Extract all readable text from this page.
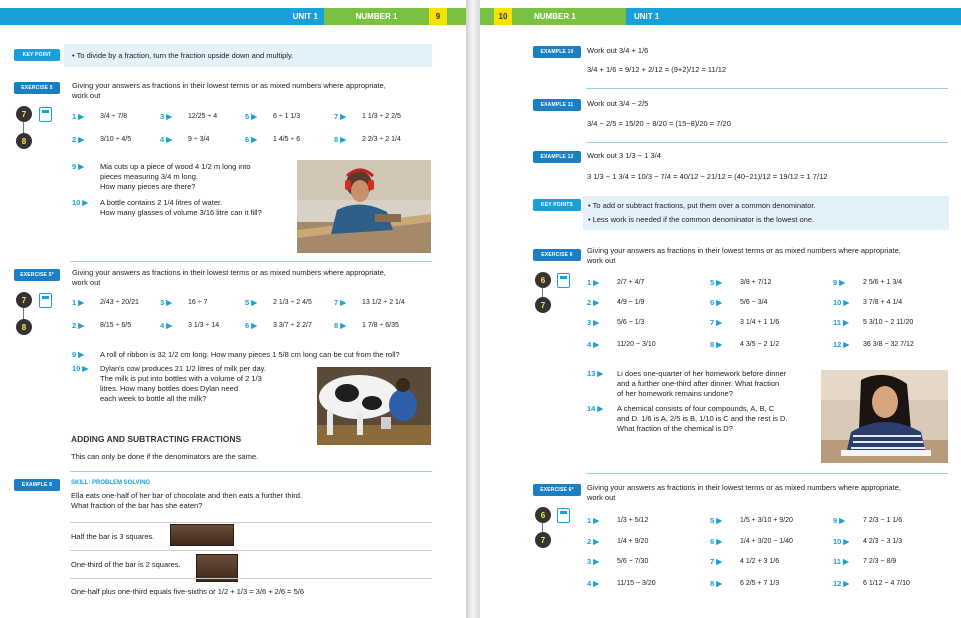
UNIT 1	NUMBER 1	9
KEY POINT	• To divide by a fraction, turn the fraction upside down and multiply.
EXERCISE 5	Giving your answers as fractions in their lowest terms or as mixed numbers where appropriate, work out
7
8
1 ▶ 3/4 ÷ 7/8	3 ▶ 12/25 ÷ 4	5 ▶ 6 ÷ 1 1/3	7 ▶ 1 1/3 ÷ 2 2/5
2 ▶ 3/10 ÷ 4/5	4 ▶ 9 ÷ 3/4	6 ▶ 1 4/5 ÷ 6	8 ▶ 2 2/3 ÷ 2 1/4
9 ▶ Mia cuts up a piece of wood 4 1/2 m long into
pieces measuring 3/4 m long.
How many pieces are there?
10 ▶ A bottle contains 2 1/4 litres of water.
How many glasses of volume 3/16 litre can it fill?
EXERCISE 5*	Giving your answers as fractions in their lowest terms or as mixed numbers where appropriate, work out
7
8
1 ▶ 2/43 ÷ 20/21	3 ▶ 16 ÷ 7	5 ▶ 2 1/3 ÷ 2 4/5	7 ▶ 13 1/2 ÷ 2 1/4
2 ▶ 8/15 ÷ 6/5	4 ▶ 3 1/3 ÷ 14	6 ▶ 3 3/7 ÷ 2 2/7	8 ▶ 1 7/8 ÷ 6/35
9 ▶ A roll of ribbon is 32 1/2 cm long. How many pieces 1 5/8 cm long can be cut from the roll?
10 ▶ Dylan's cow produces 21 1/2 litres of milk per day.
The milk is put into bottles with a volume of 2 1/3
litres. How many bottles does Dylan need
each week to bottle all the milk?
ADDING AND SUBTRACTING FRACTIONS
This can only be done if the denominators are the same.
EXAMPLE 9	SKILL: PROBLEM SOLVING
Ella eats one-half of her bar of chocolate and then eats a further third.
What fraction of the bar has she eaten?
Half the bar is 3 squares.
One-third of the bar is 2 squares.
One-half plus one-third equals five-sixths or 1/2 + 1/3 = 3/6 + 2/6 = 5/6
10	NUMBER 1	UNIT 1
EXAMPLE 10	Work out 3/4 + 1/6
3/4 + 1/6 = 9/12 + 2/12 = (9+2)/12 = 11/12
EXAMPLE 11	Work out 3/4 − 2/5
3/4 − 2/5 = 15/20 − 8/20 = (15−8)/20 = 7/20
EXAMPLE 12	Work out 3 1/3 − 1 3/4
3 1/3 − 1 3/4 = 10/3 − 7/4 = 40/12 − 21/12 = (40−21)/12 = 19/12 = 1 7/12
KEY POINTS	• To add or subtract fractions, put them over a common denominator.
• Less work is needed if the common denominator is the lowest one.
EXERCISE 6	Giving your answers as fractions in their lowest terms or as mixed numbers where appropriate, work out
6
7
1 ▶	2/7 + 4/7	5 ▶	3/8 + 7/12	9 ▶	2 5/6 + 1 3/4
2 ▶	4/9 − 1/9	6 ▶	5/6 − 3/4	10 ▶ 3 7/8 + 4 1/4
3 ▶	5/6 − 1/3	7 ▶	3 1/4 + 1 1/6	11 ▶ 5 3/10 − 2 11/20
4 ▶	11/20 − 3/10	8 ▶	4 3/5 − 2 1/2	12 ▶ 36 3/8 − 32 7/12
13 ▶ Li does one-quarter of her homework before dinner
and a further one-third after dinner. What fraction
of her homework remains undone?
14 ▶ A chemical consists of four compounds, A, B, C
and D. 1/6 is A, 2/5 is B, 1/10 is C and the rest is D.
What fraction of the chemical is D?
EXERCISE 6*	Giving your answers as fractions in their lowest terms or as mixed numbers where appropriate, work out
6
7
1 ▶	1/3 + 5/12	5 ▶	1/5 + 3/10 + 9/20	9 ▶	7 2/3 − 1 1/6
2 ▶	1/4 + 9/20	6 ▶	1/4 + 3/20 − 1/40	10 ▶ 4 2/3 − 3 1/3
3 ▶	5/6 − 7/30	7 ▶	4 1/2 + 3 1/6	11 ▶ 7 2/3 − 8/9
4 ▶	11/15 − 3/20	8 ▶	6 2/5 + 7 1/3	12 ▶ 6 1/12 − 4 7/10
